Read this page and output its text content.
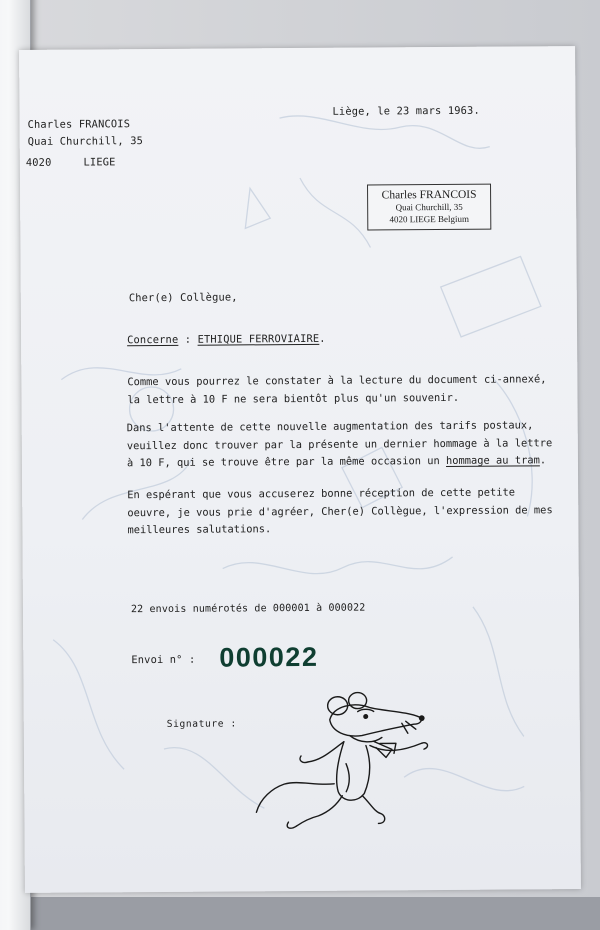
Charles FRANCOIS
Quai Churchill, 35
4020     LIEGE
Liège, le 23 mars 1963.
Charles FRANCOIS
Quai Churchill, 35
4020 LIEGE Belgium
Cher(e) Collègue,
Concerne : ETHIQUE FERROVIAIRE.
Comme vous pourrez le constater à la lecture du document ci-annexé,
la lettre à 10 F ne sera bientôt plus qu'un souvenir.
Dans l'attente de cette nouvelle augmentation des tarifs postaux,
veuillez donc trouver par la présente un dernier hommage à la lettre
à 10 F, qui se trouve être par la même occasion un hommage au tram.
En espérant que vous accuserez bonne réception de cette petite
oeuvre, je vous prie d'agréer, Cher(e) Collègue, l'expression de mes
meilleures salutations.
22 envois numérotés de 000001 à 000022
Envoi n° : 000022
Signature :
